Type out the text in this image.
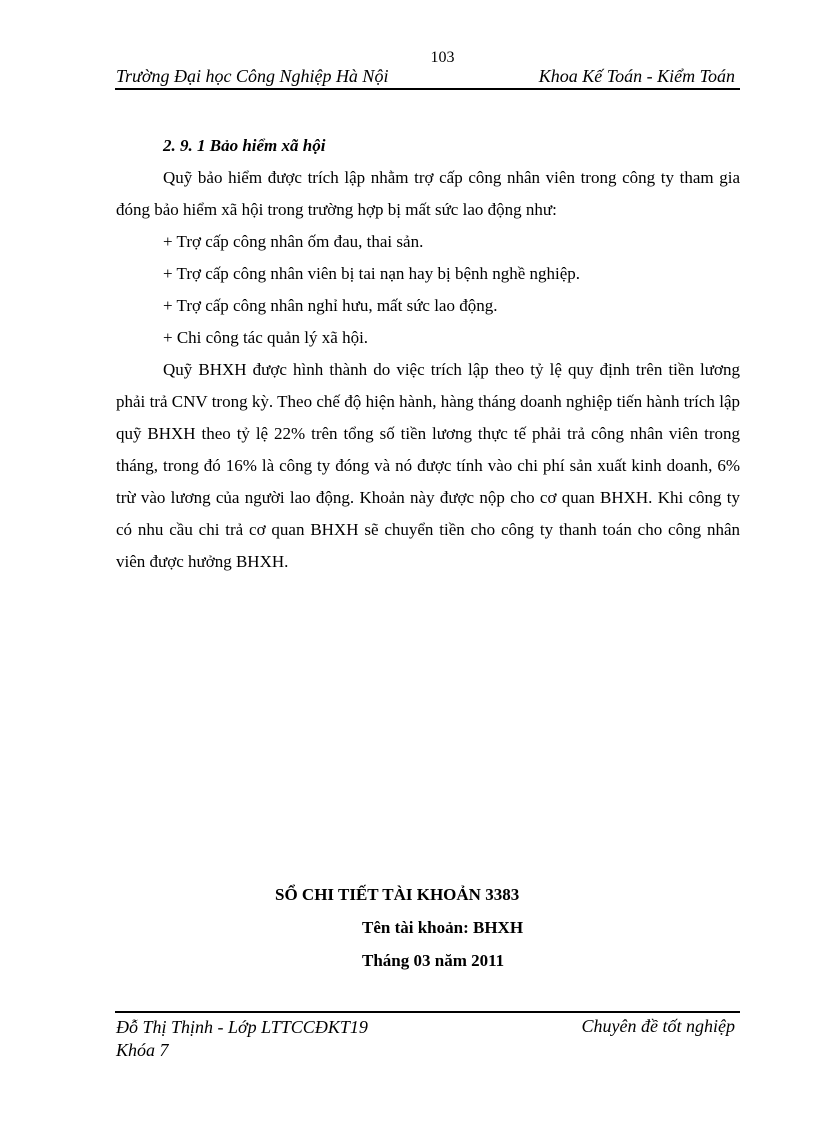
103
Trường Đại học Công Nghiệp Hà Nội	Khoa Kế Toán - Kiểm Toán
2. 9. 1 Bảo hiểm xã hội

Quỹ bảo hiểm được trích lập nhằm trợ cấp công nhân viên trong công ty tham gia đóng bảo hiểm xã hội trong trường hợp bị mất sức lao động như:

+ Trợ cấp công nhân ốm đau, thai sản.

+ Trợ cấp công nhân viên bị tai nạn hay bị bệnh nghề nghiệp.

+ Trợ cấp công nhân nghỉ hưu, mất sức lao động.

+ Chi công tác quản lý xã hội.

Quỹ BHXH được hình thành do việc trích lập theo tỷ lệ quy định trên tiền lương phải trả CNV trong kỳ. Theo chế độ hiện hành, hàng tháng doanh nghiệp tiến hành trích lập quỹ BHXH theo tỷ lệ 22% trên tổng số tiền lương thực tế phải trả công nhân viên trong tháng, trong đó 16% là công ty đóng và nó được tính vào chi phí sản xuất kinh doanh, 6% trừ vào lương của người lao động. Khoản này được nộp cho cơ quan BHXH. Khi công ty có nhu cầu chi trả cơ quan BHXH sẽ chuyển tiền cho công ty thanh toán cho công nhân viên được hưởng BHXH.

SỔ CHI TIẾT TÀI KHOẢN 3383
Tên tài khoản: BHXH
Tháng 03 năm 2011
Đỗ Thị Thịnh - Lớp LTTCCĐKT19
Khóa 7
Chuyên đề tốt nghiệp
